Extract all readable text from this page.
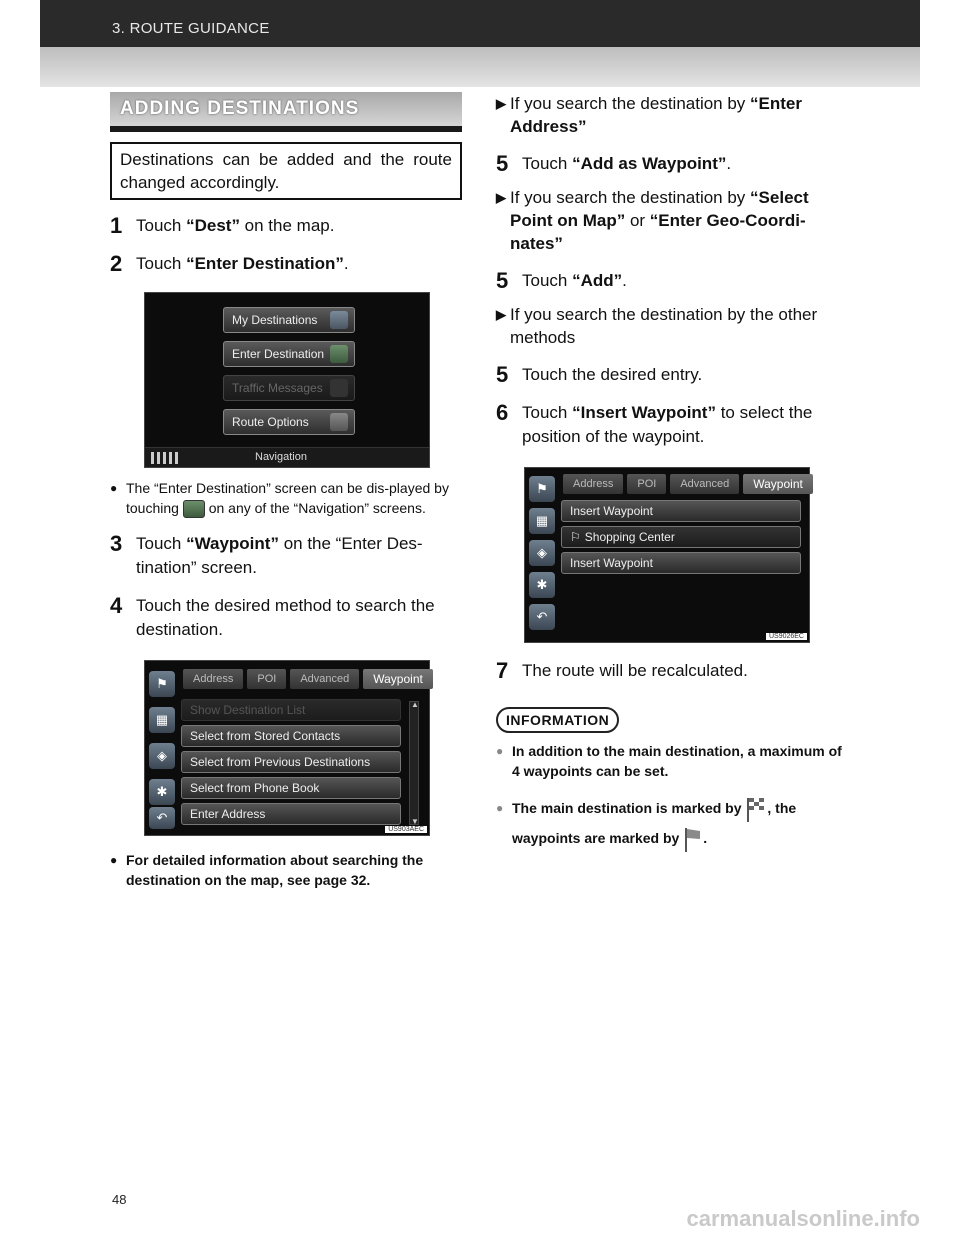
3. ROUTE GUIDANCE
ADDING DESTINATIONS
Destinations can be added and the route changed accordingly.
1 Touch “Dest” on the map.
2 Touch “Enter Destination”.
My Destinations
Enter Destination
Traffic Messages
Route Options
Navigation
● The “Enter Destination” screen can be dis-played by touching on any of the “Navigation” screens.
3 Touch “Waypoint” on the “Enter Des-tination” screen.
4 Touch the desired method to search the destination.
⚑
▦
◈
✱
↶
Address	POI	Advanced	Waypoint
Show Destination List
Select from Stored Contacts
Select from Previous Destinations
Select from Phone Book
Enter Address
▲
▼
US903AEC
● For detailed information about searching the destination on the map, see page 32.
▶ If you search the destination by “Enter Address”
5 Touch “Add as Waypoint”.
▶ If you search the destination by “Select Point on Map” or “Enter Geo-Coordi-nates”
5 Touch “Add”.
▶ If you search the destination by the other methods
5 Touch the desired entry.
6 Touch “Insert Waypoint” to select the position of the waypoint.
⚑
▦
◈
✱
↶
Address	POI	Advanced	Waypoint
Insert Waypoint
⚐ Shopping Center
Insert Waypoint
US9026EC
7 The route will be recalculated.
INFORMATION
● In addition to the main destination, a maximum of 4 waypoints can be set.
● The main destination is marked by , the waypoints are marked by .
48
carmanualsonline.info
